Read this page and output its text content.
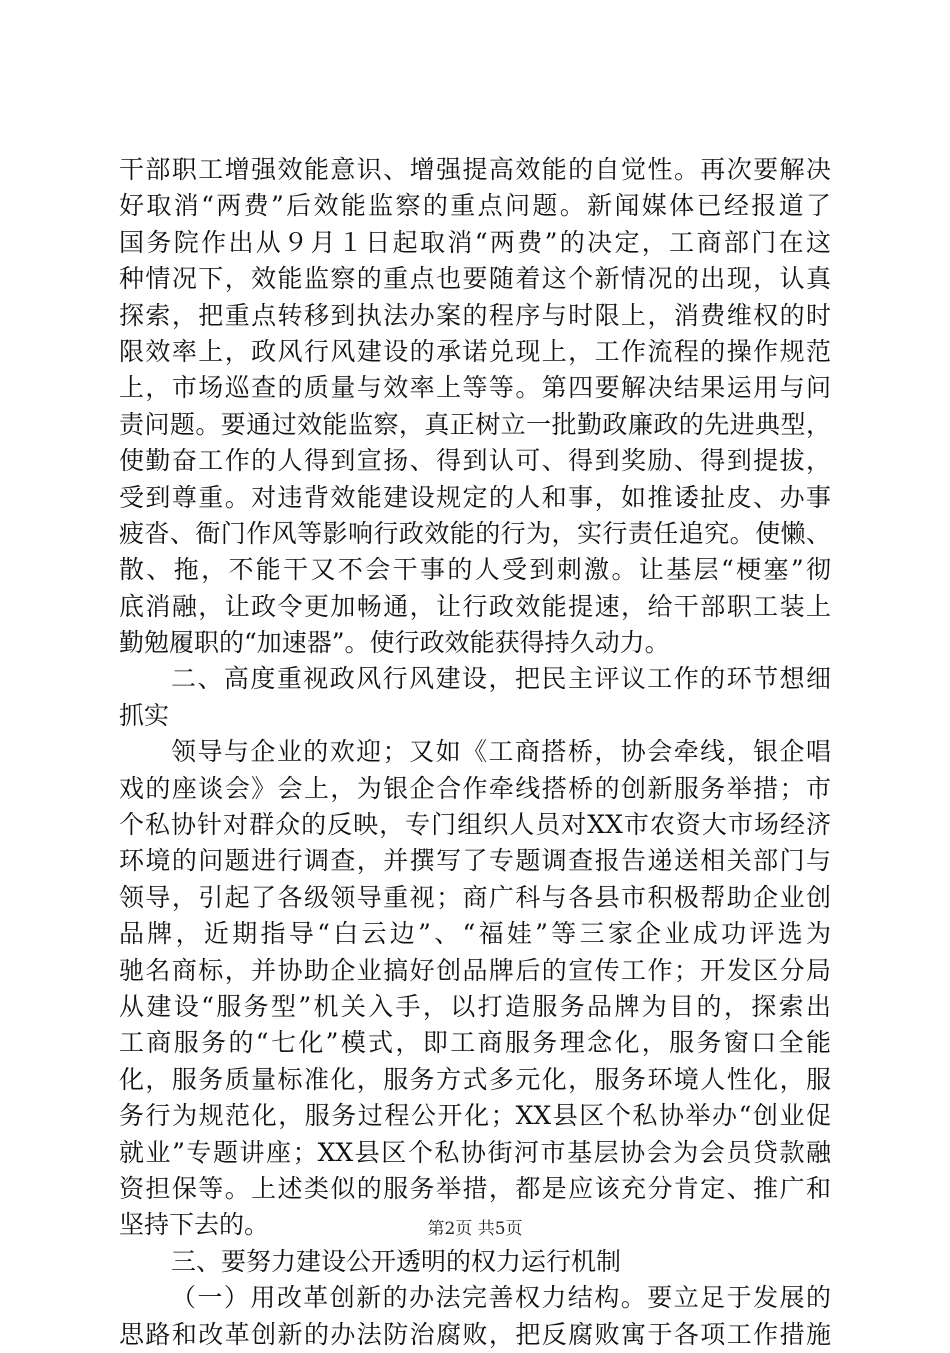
干部职工增强效能意识、增强提高效能的自觉性。再次要解决
好取消“两费”后效能监察的重点问题。新闻媒体已经报道了
国务院作出从９月１日起取消“两费”的决定，工商部门在这
种情况下，效能监察的重点也要随着这个新情况的出现，认真
探索，把重点转移到执法办案的程序与时限上，消费维权的时
限效率上，政风行风建设的承诺兑现上，工作流程的操作规范
上，市场巡查的质量与效率上等等。第四要解决结果运用与问
责问题。要通过效能监察，真正树立一批勤政廉政的先进典型，
使勤奋工作的人得到宣扬、得到认可、得到奖励、得到提拔，
受到尊重。对违背效能建设规定的人和事，如推诿扯皮、办事
疲沓、衙门作风等影响行政效能的行为，实行责任追究。使懒、
散、拖，不能干又不会干事的人受到刺激。让基层“梗塞”彻
底消融，让政令更加畅通，让行政效能提速，给干部职工装上
勤勉履职的“加速器”。使行政效能获得持久动力。
二、高度重视政风行风建设，把民主评议工作的环节想细
抓实
领导与企业的欢迎；又如《工商搭桥，协会牵线，银企唱
戏的座谈会》会上，为银企合作牵线搭桥的创新服务举措；市
个私协针对群众的反映，专门组织人员对XX市农资大市场经济
环境的问题进行调查，并撰写了专题调查报告递送相关部门与
领导，引起了各级领导重视；商广科与各县市积极帮助企业创
品牌，近期指导“白云边”、“福娃”等三家企业成功评选为
驰名商标，并协助企业搞好创品牌后的宣传工作；开发区分局
从建设“服务型”机关入手，以打造服务品牌为目的，探索出
工商服务的“七化”模式，即工商服务理念化，服务窗口全能
化，服务质量标准化，服务方式多元化，服务环境人性化，服
务行为规范化，服务过程公开化；XX县区个私协举办“创业促
就业”专题讲座；XX县区个私协街河市基层协会为会员贷款融
资担保等。上述类似的服务举措，都是应该充分肯定、推广和
坚持下去的。
三、要努力建设公开透明的权力运行机制
（一）用改革创新的办法完善权力结构。要立足于发展的
思路和改革创新的办法防治腐败，把反腐败寓于各项工作措施
第2页 共5页
